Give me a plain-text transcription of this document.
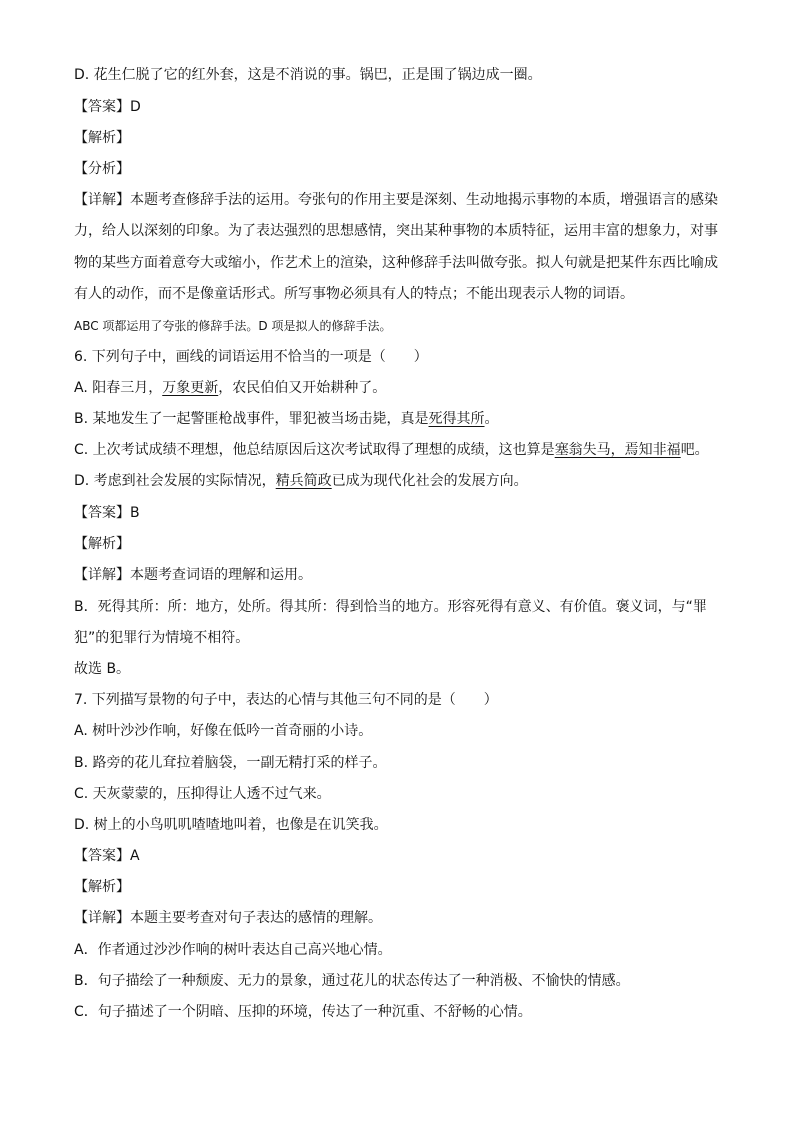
D. 花生仁脱了它的红外套，这是不消说的事。锅巴，正是围了锅边成一圈。
【答案】D
【解析】
【分析】
【详解】本题考查修辞手法的运用。夸张句的作用主要是深刻、生动地揭示事物的本质，增强语言的感染
力，给人以深刻的印象。为了表达强烈的思想感情，突出某种事物的本质特征，运用丰富的想象力，对事
物的某些方面着意夸大或缩小，作艺术上的渲染，这种修辞手法叫做夸张。拟人句就是把某件东西比喻成
有人的动作，而不是像童话形式。所写事物必须具有人的特点；不能出现表示人物的词语。
ABC 项都运用了夸张的修辞手法。D 项是拟人的修辞手法。
6. 下列句子中，画线的词语运用不恰当的一项是（　　）
A. 阳春三月，万象更新，农民伯伯又开始耕种了。
B. 某地发生了一起警匪枪战事件，罪犯被当场击毙，真是死得其所。
C. 上次考试成绩不理想，他总结原因后这次考试取得了理想的成绩，这也算是塞翁失马，焉知非福吧。
D. 考虑到社会发展的实际情况，精兵简政已成为现代化社会的发展方向。
【答案】B
【解析】
【详解】本题考查词语的理解和运用。
B．死得其所：所：地方，处所。得其所：得到恰当的地方。形容死得有意义、有价值。褒义词，与“罪
犯”的犯罪行为情境不相符。
故选 B。
7. 下列描写景物的句子中，表达的心情与其他三句不同的是（　　）
A. 树叶沙沙作响，好像在低吟一首奇丽的小诗。
B. 路旁的花儿耷拉着脑袋，一副无精打采的样子。
C. 天灰蒙蒙的，压抑得让人透不过气来。
D. 树上的小鸟叽叽喳喳地叫着，也像是在讥笑我。
【答案】A
【解析】
【详解】本题主要考查对句子表达的感情的理解。
A．作者通过沙沙作响的树叶表达自己高兴地心情。
B．句子描绘了一种颓废、无力的景象，通过花儿的状态传达了一种消极、不愉快的情感。
C．句子描述了一个阴暗、压抑的环境，传达了一种沉重、不舒畅的心情。
